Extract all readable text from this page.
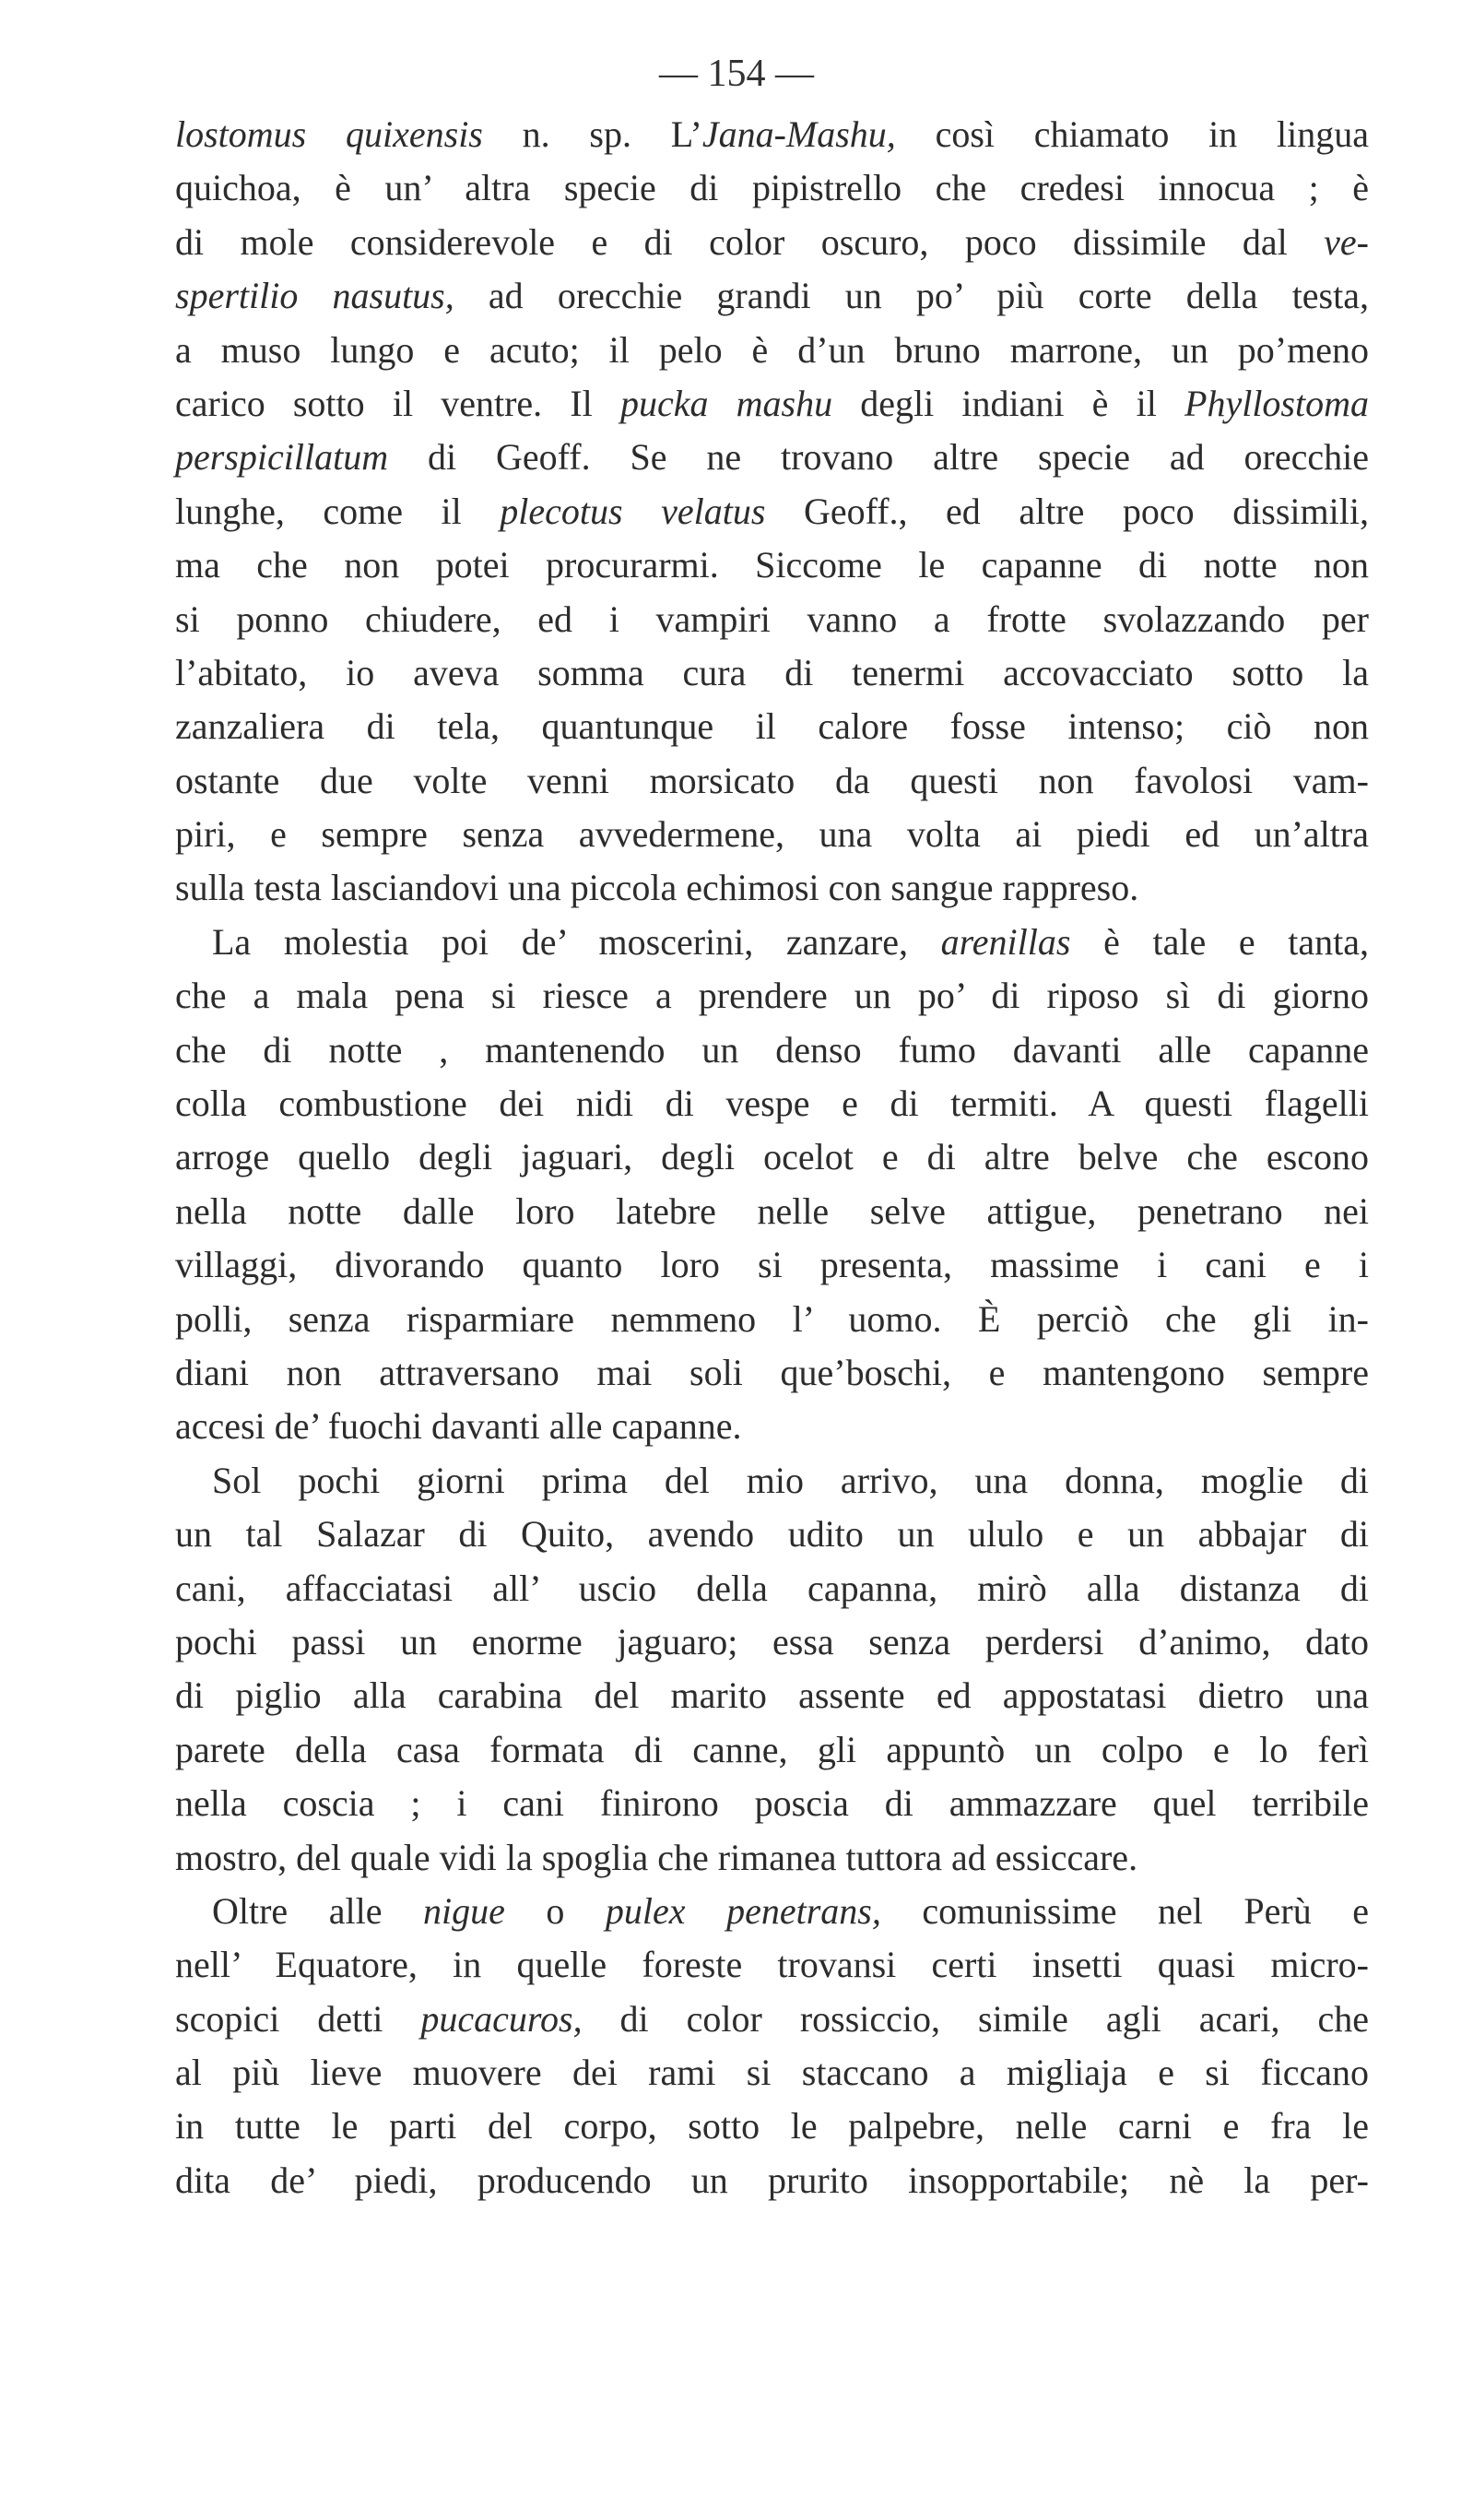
— 154 —
lostomus quixensis n. sp. L’Jana-Mashu, così chiamato in lingua
quichoa, è un’ altra specie di pipistrello che credesi innocua ; è
di mole considerevole e di color oscuro, poco dissimile dal ve-
spertilio nasutus, ad orecchie grandi un po’ più corte della testa,
a muso lungo e acuto; il pelo è d’un bruno marrone, un po’meno
carico sotto il ventre. Il pucka mashu degli indiani è il Phyllostoma
perspicillatum di Geoff. Se ne trovano altre specie ad orecchie
lunghe, come il plecotus velatus Geoff., ed altre poco dissimili,
ma che non potei procurarmi. Siccome le capanne di notte non
si ponno chiudere, ed i vampiri vanno a frotte svolazzando per
l’abitato, io aveva somma cura di tenermi accovacciato sotto la
zanzaliera di tela, quantunque il calore fosse intenso; ciò non
ostante due volte venni morsicato da questi non favolosi vam-
piri, e sempre senza avvedermene, una volta ai piedi ed un’altra
sulla testa lasciandovi una piccola echimosi con sangue rappreso.
La molestia poi de’ moscerini, zanzare, arenillas è tale e tanta,
che a mala pena si riesce a prendere un po’ di riposo sì di giorno
che di notte , mantenendo un denso fumo davanti alle capanne
colla combustione dei nidi di vespe e di termiti. A questi flagelli
arroge quello degli jaguari, degli ocelot e di altre belve che escono
nella notte dalle loro latebre nelle selve attigue, penetrano nei
villaggi, divorando quanto loro si presenta, massime i cani e i
polli, senza risparmiare nemmeno l’ uomo. È perciò che gli in-
diani non attraversano mai soli que’boschi, e mantengono sempre
accesi de’ fuochi davanti alle capanne.
Sol pochi giorni prima del mio arrivo, una donna, moglie di
un tal Salazar di Quito, avendo udito un ululo e un abbajar di
cani, affacciatasi all’ uscio della capanna, mirò alla distanza di
pochi passi un enorme jaguaro; essa senza perdersi d’animo, dato
di piglio alla carabina del marito assente ed appostatasi dietro una
parete della casa formata di canne, gli appuntò un colpo e lo ferì
nella coscia ; i cani finirono poscia di ammazzare quel terribile
mostro, del quale vidi la spoglia che rimanea tuttora ad essiccare.
Oltre alle nigue o pulex penetrans, comunissime nel Perù e
nell’ Equatore, in quelle foreste trovansi certi insetti quasi micro-
scopici detti pucacuros, di color rossiccio, simile agli acari, che
al più lieve muovere dei rami si staccano a migliaja e si ficcano
in tutte le parti del corpo, sotto le palpebre, nelle carni e fra le
dita de’ piedi, producendo un prurito insopportabile; nè la per-
